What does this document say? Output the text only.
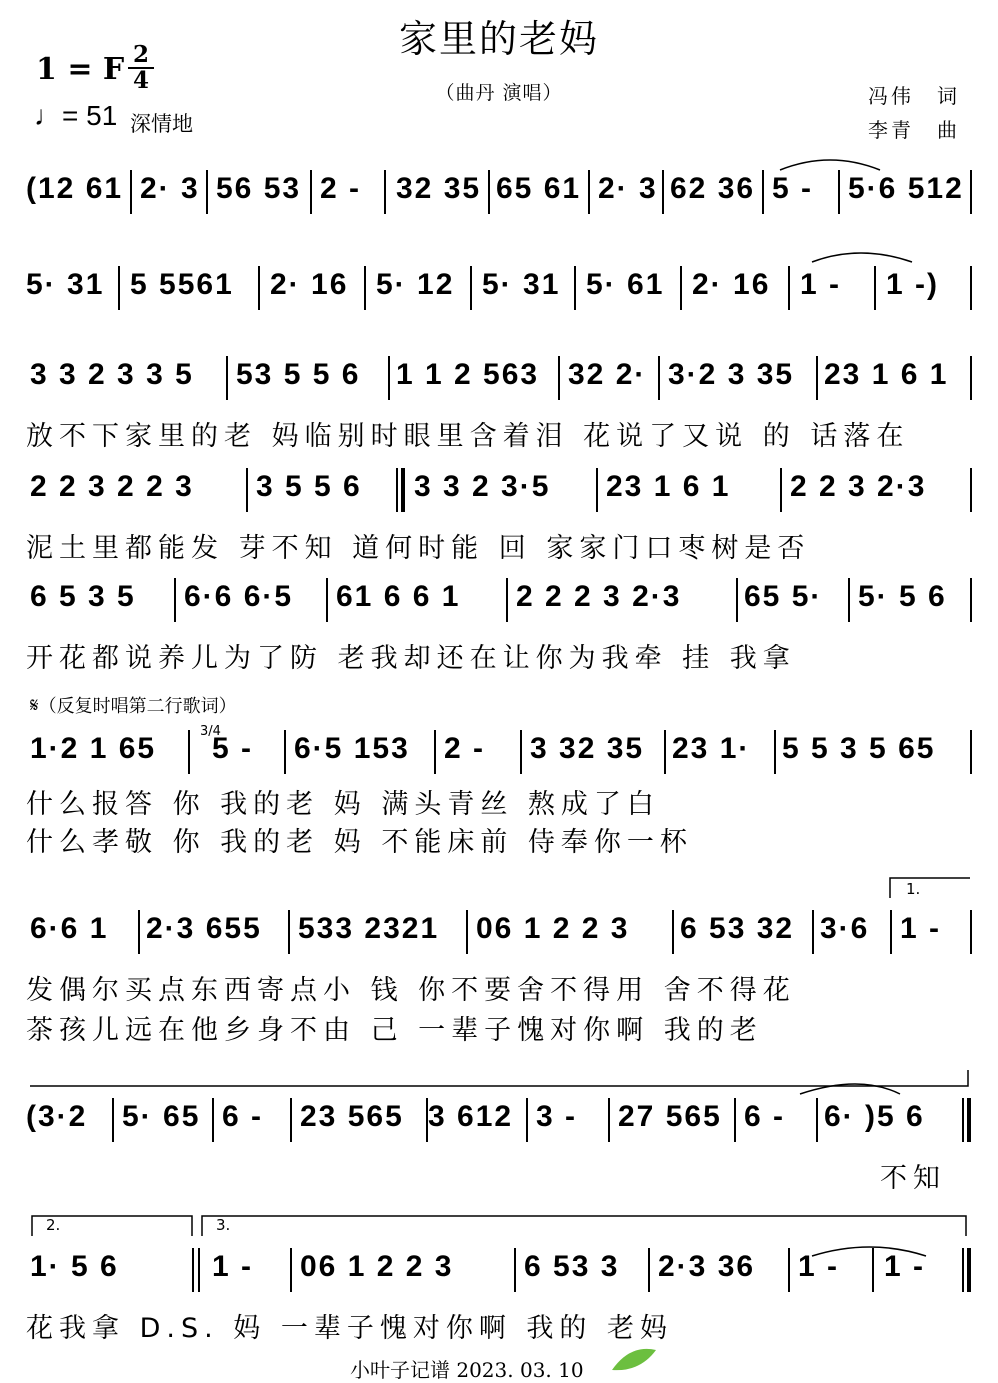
家里的老妈
1 = F 2
4
♩= 51 深情地
（曲丹 演唱）	冯伟　词
李青　曲
(12 61 2· 3 56 53 2 - 32 35 65 61 2· 3 62 36 5 - 5·6 512
5· 31 5 5561 2· 16 5· 12 5· 31 5· 61 2· 16 1 - 1 -)
3 3 2 3 3 5 53 5 5 6 1 1 2 563 32 2· 3·2 3 35 23 1 6 1
放不下家里的老 妈临别时眼里含着泪 花说了又说 的 话落在
2 2 3 2 2 3 3 5 5 6 3 3 2 3·5 23 1 6 1 2 2 3 2·3
泥土里都能发 芽不知 道何时能 回 家家门口枣树是否
6 5 3 5 6·6 6·5 61 6 6 1 2 2 2 3 2·3 65 5· 5· 5 6
开花都说养儿为了防 老我却还在让你为我牵 挂 我拿
𝄋（反复时唱第二行歌词）
1·2 1 65 5 - 6·5 153 2 - 3 32 35 23 1· 5 5 3 5 65
3/4
什么报答 你 我的老 妈 满头青丝 熬成了白
什么孝敬 你 我的老 妈 不能床前 侍奉你一杯
1.
6·6 1 2·3 655 533 2321 06 1 2 2 3 6 53 32 3·6 1 -
发偶尔买点东西寄点小 钱 你不要舍不得用 舍不得花
茶孩儿远在他乡身不由 己 一辈子愧对你啊 我的老
(3·2 5· 65 6 - 23 565 3 612 3 - 27 565 6 - 6· )5 6
不知
2.	3.
1· 5 6	1 - 06 1 2 2 3 6 53 3 2·3 36 1 - 1 -
花我拿 D.S. 妈 一辈子愧对你啊 我的 老妈
小叶子记谱 2023. 03. 10
